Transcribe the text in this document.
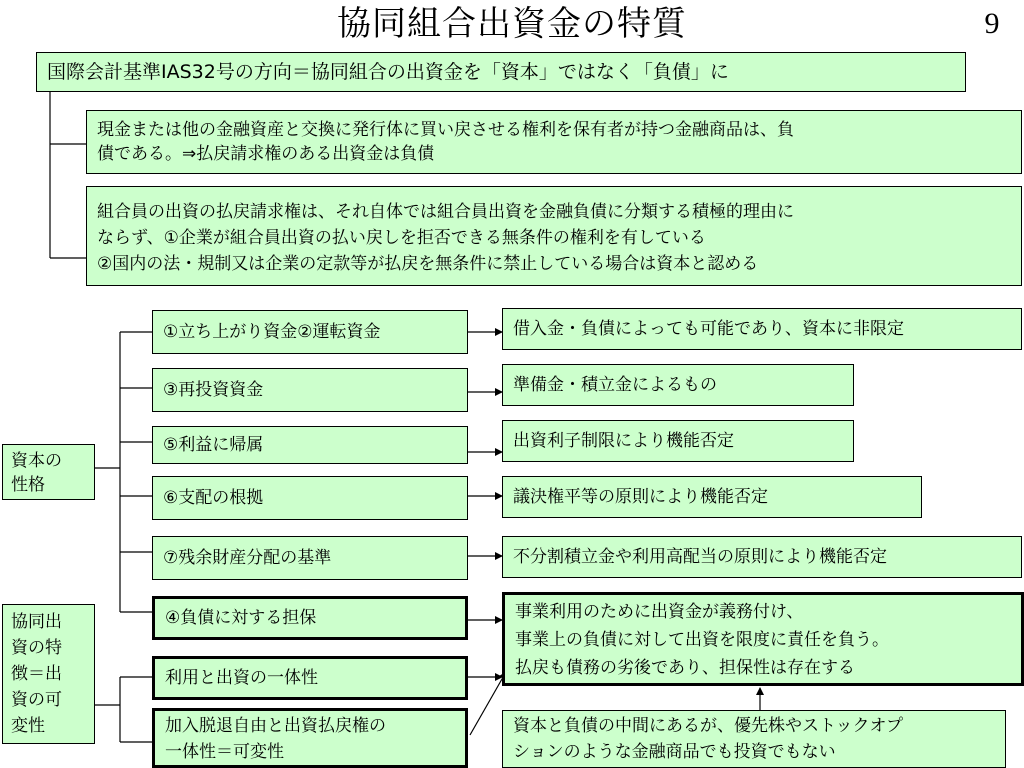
協同組合出資金の特質	9
国際会計基準IAS32号の方向＝協同組合の出資金を「資本」ではなく「負債」に
現金または他の金融資産と交換に発行体に買い戻させる権利を保有者が持つ金融商品は、負
債である。⇒払戻請求権のある出資金は負債
組合員の出資の払戻請求権は、それ自体では組合員出資を金融負債に分類する積極的理由に
ならず、①企業が組合員出資の払い戻しを拒否できる無条件の権利を有している
②国内の法・規制又は企業の定款等が払戻を無条件に禁止している場合は資本と認める
資本の
性格
①立ち上がり資金②運転資金
③再投資資金
⑤利益に帰属
⑥支配の根拠
⑦残余財産分配の基準
④負債に対する担保
借入金・負債によっても可能であり、資本に非限定
準備金・積立金によるもの
出資利子制限により機能否定
議決権平等の原則により機能否定
不分割積立金や利用高配当の原則により機能否定
事業利用のために出資金が義務付け、
事業上の負債に対して出資を限度に責任を負う。
払戻も債務の劣後であり、担保性は存在する
協同出
資の特
徴＝出
資の可
変性
利用と出資の一体性
加入脱退自由と出資払戻権の
一体性＝可変性
資本と負債の中間にあるが、優先株やストックオプ
ションのような金融商品でも投資でもない
